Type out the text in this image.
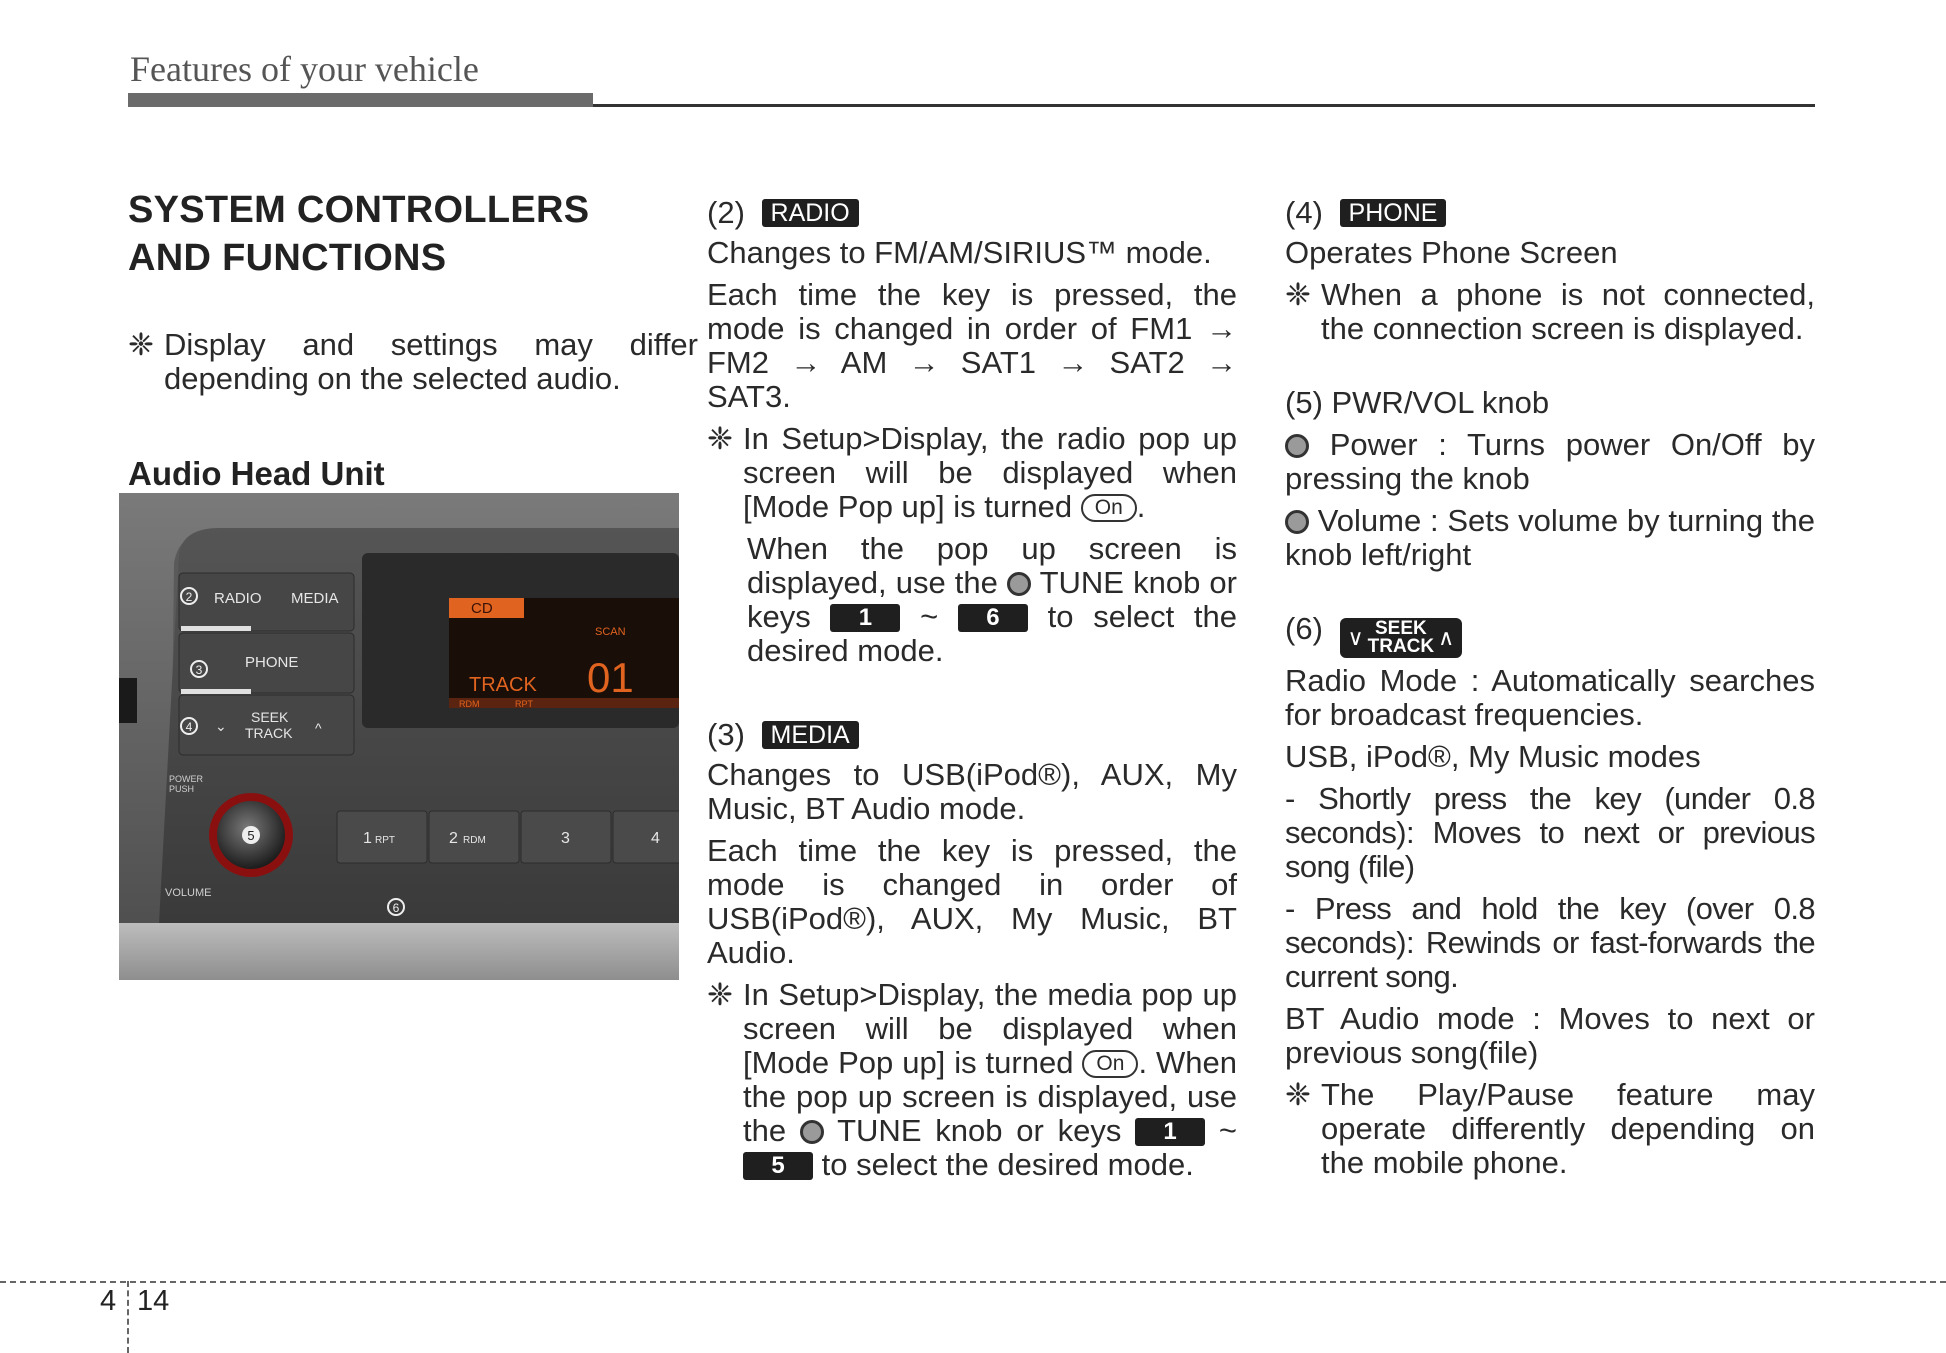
Features of your vehicle
SYSTEM CONTROLLERS
AND FUNCTIONS
❈ Display and settings may differ depending on the selected audio.
Audio Head Unit
2
3
4
5
6
RADIO MEDIA
PHONE
⌄
SEEK
TRACK ^
POWER
PUSH
VOLUME
CD
SCAN
TRACK 01
RDM	RPT
1 RPT	2 RDM	3	4
(2) RADIO
Changes to FM/AM/SIRIUS™ mode.
Each time the key is pressed, the mode is changed in order of FM1 → FM2 → AM → SAT1 → SAT2 → SAT3.
❈ In Setup>Display, the radio pop up screen will be displayed when [Mode Pop up] is turned On .
When the pop up screen is displayed, use the TUNE knob or keys 1 ~ 6 to select the desired mode.
(3) MEDIA
Changes to USB(iPod®), AUX, My Music, BT Audio mode.
Each time the key is pressed, the mode is changed in order of USB(iPod®), AUX, My Music, BT Audio.
❈ In Setup>Display, the media pop up screen will be displayed when [Mode Pop up] is turned On . When the pop up screen is displayed, use the TUNE knob or keys 1 ~ 5 to select the desired mode.
(4) PHONE
Operates Phone Screen
❈ When a phone is not connected, the connection screen is displayed.
(5) PWR/VOL knob
Power : Turns power On/Off by pressing the knob
Volume : Sets volume by turning the knob left/right
(6) ∨ SEEK
TRACK ∧
Radio Mode : Automatically searches for broadcast frequencies.
USB, iPod®, My Music modes
- Shortly press the key (under 0.8 seconds): Moves to next or previous song (file)
- Press and hold the key (over 0.8 seconds): Rewinds or fast-forwards the current song.
BT Audio mode : Moves to next or previous song(file)
❈ The Play/Pause feature may operate differently depending on the mobile phone.
4 14
